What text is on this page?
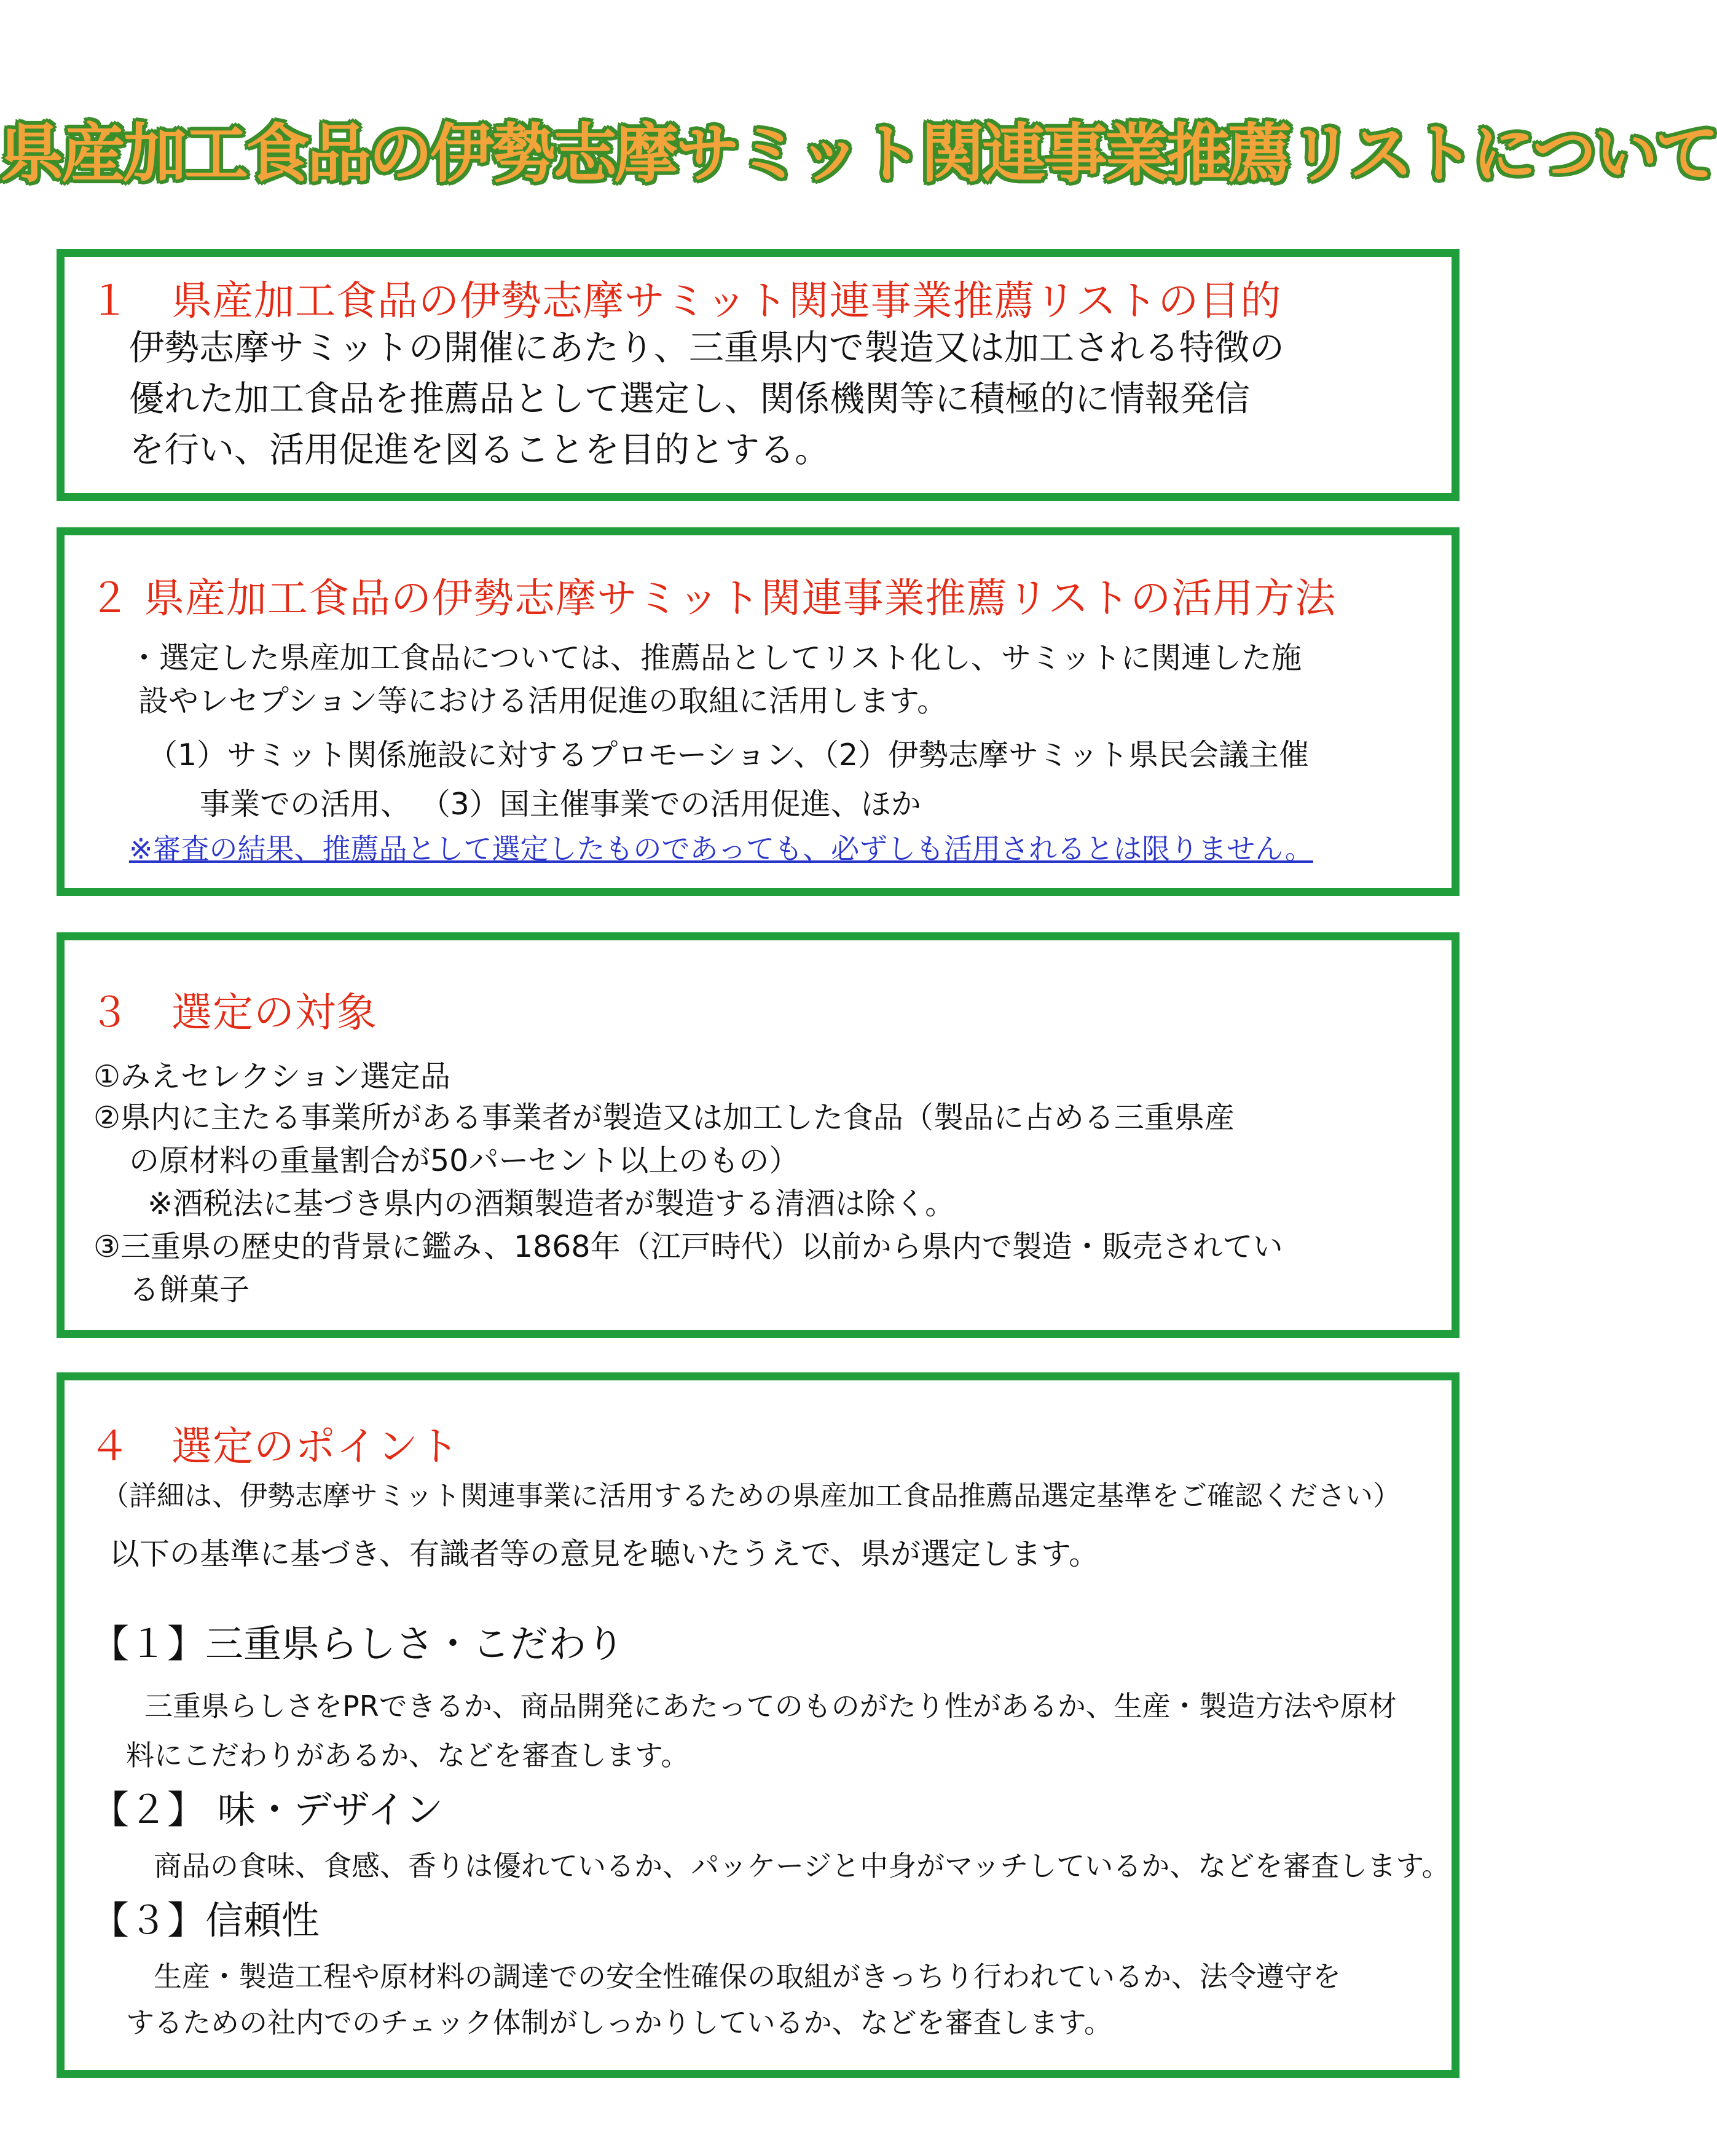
県産加工食品の伊勢志摩サミット関連事業推薦リストについて
１　県産加工食品の伊勢志摩サミット関連事業推薦リストの目的
伊勢志摩サミットの開催にあたり、三重県内で製造又は加工される特徴の
優れた加工食品を推薦品として選定し、関係機関等に積極的に情報発信
を行い、活用促進を図ることを目的とする。
２ 県産加工食品の伊勢志摩サミット関連事業推薦リストの活用方法
・選定した県産加工食品については、推薦品としてリスト化し、サミットに関連した施
設やレセプション等における活用促進の取組に活用します。
（1）サミット関係施設に対するプロモーション、（2）伊勢志摩サミット県民会議主催
事業での活用、 （3）国主催事業での活用促進、ほか
※審査の結果、推薦品として選定したものであっても、必ずしも活用されるとは限りません。
３　選定の対象
①みえセレクション選定品
②県内に主たる事業所がある事業者が製造又は加工した食品（製品に占める三重県産
の原材料の重量割合が50パーセント以上のもの）
※酒税法に基づき県内の酒類製造者が製造する清酒は除く。
③三重県の歴史的背景に鑑み、1868年（江戸時代）以前から県内で製造・販売されてい
る餅菓子
４　選定のポイント
（詳細は、伊勢志摩サミット関連事業に活用するための県産加工食品推薦品選定基準をご確認ください）
以下の基準に基づき、有識者等の意見を聴いたうえで、県が選定します。
【１】三重県らしさ・こだわり
三重県らしさをPRできるか、商品開発にあたってのものがたり性があるか、生産・製造方法や原材
料にこだわりがあるか、などを審査します。
【２】 味・デザイン
商品の食味、食感、香りは優れているか、パッケージと中身がマッチしているか、などを審査します。
【３】信頼性
生産・製造工程や原材料の調達での安全性確保の取組がきっちり行われているか、法令遵守を
するための社内でのチェック体制がしっかりしているか、などを審査します。
